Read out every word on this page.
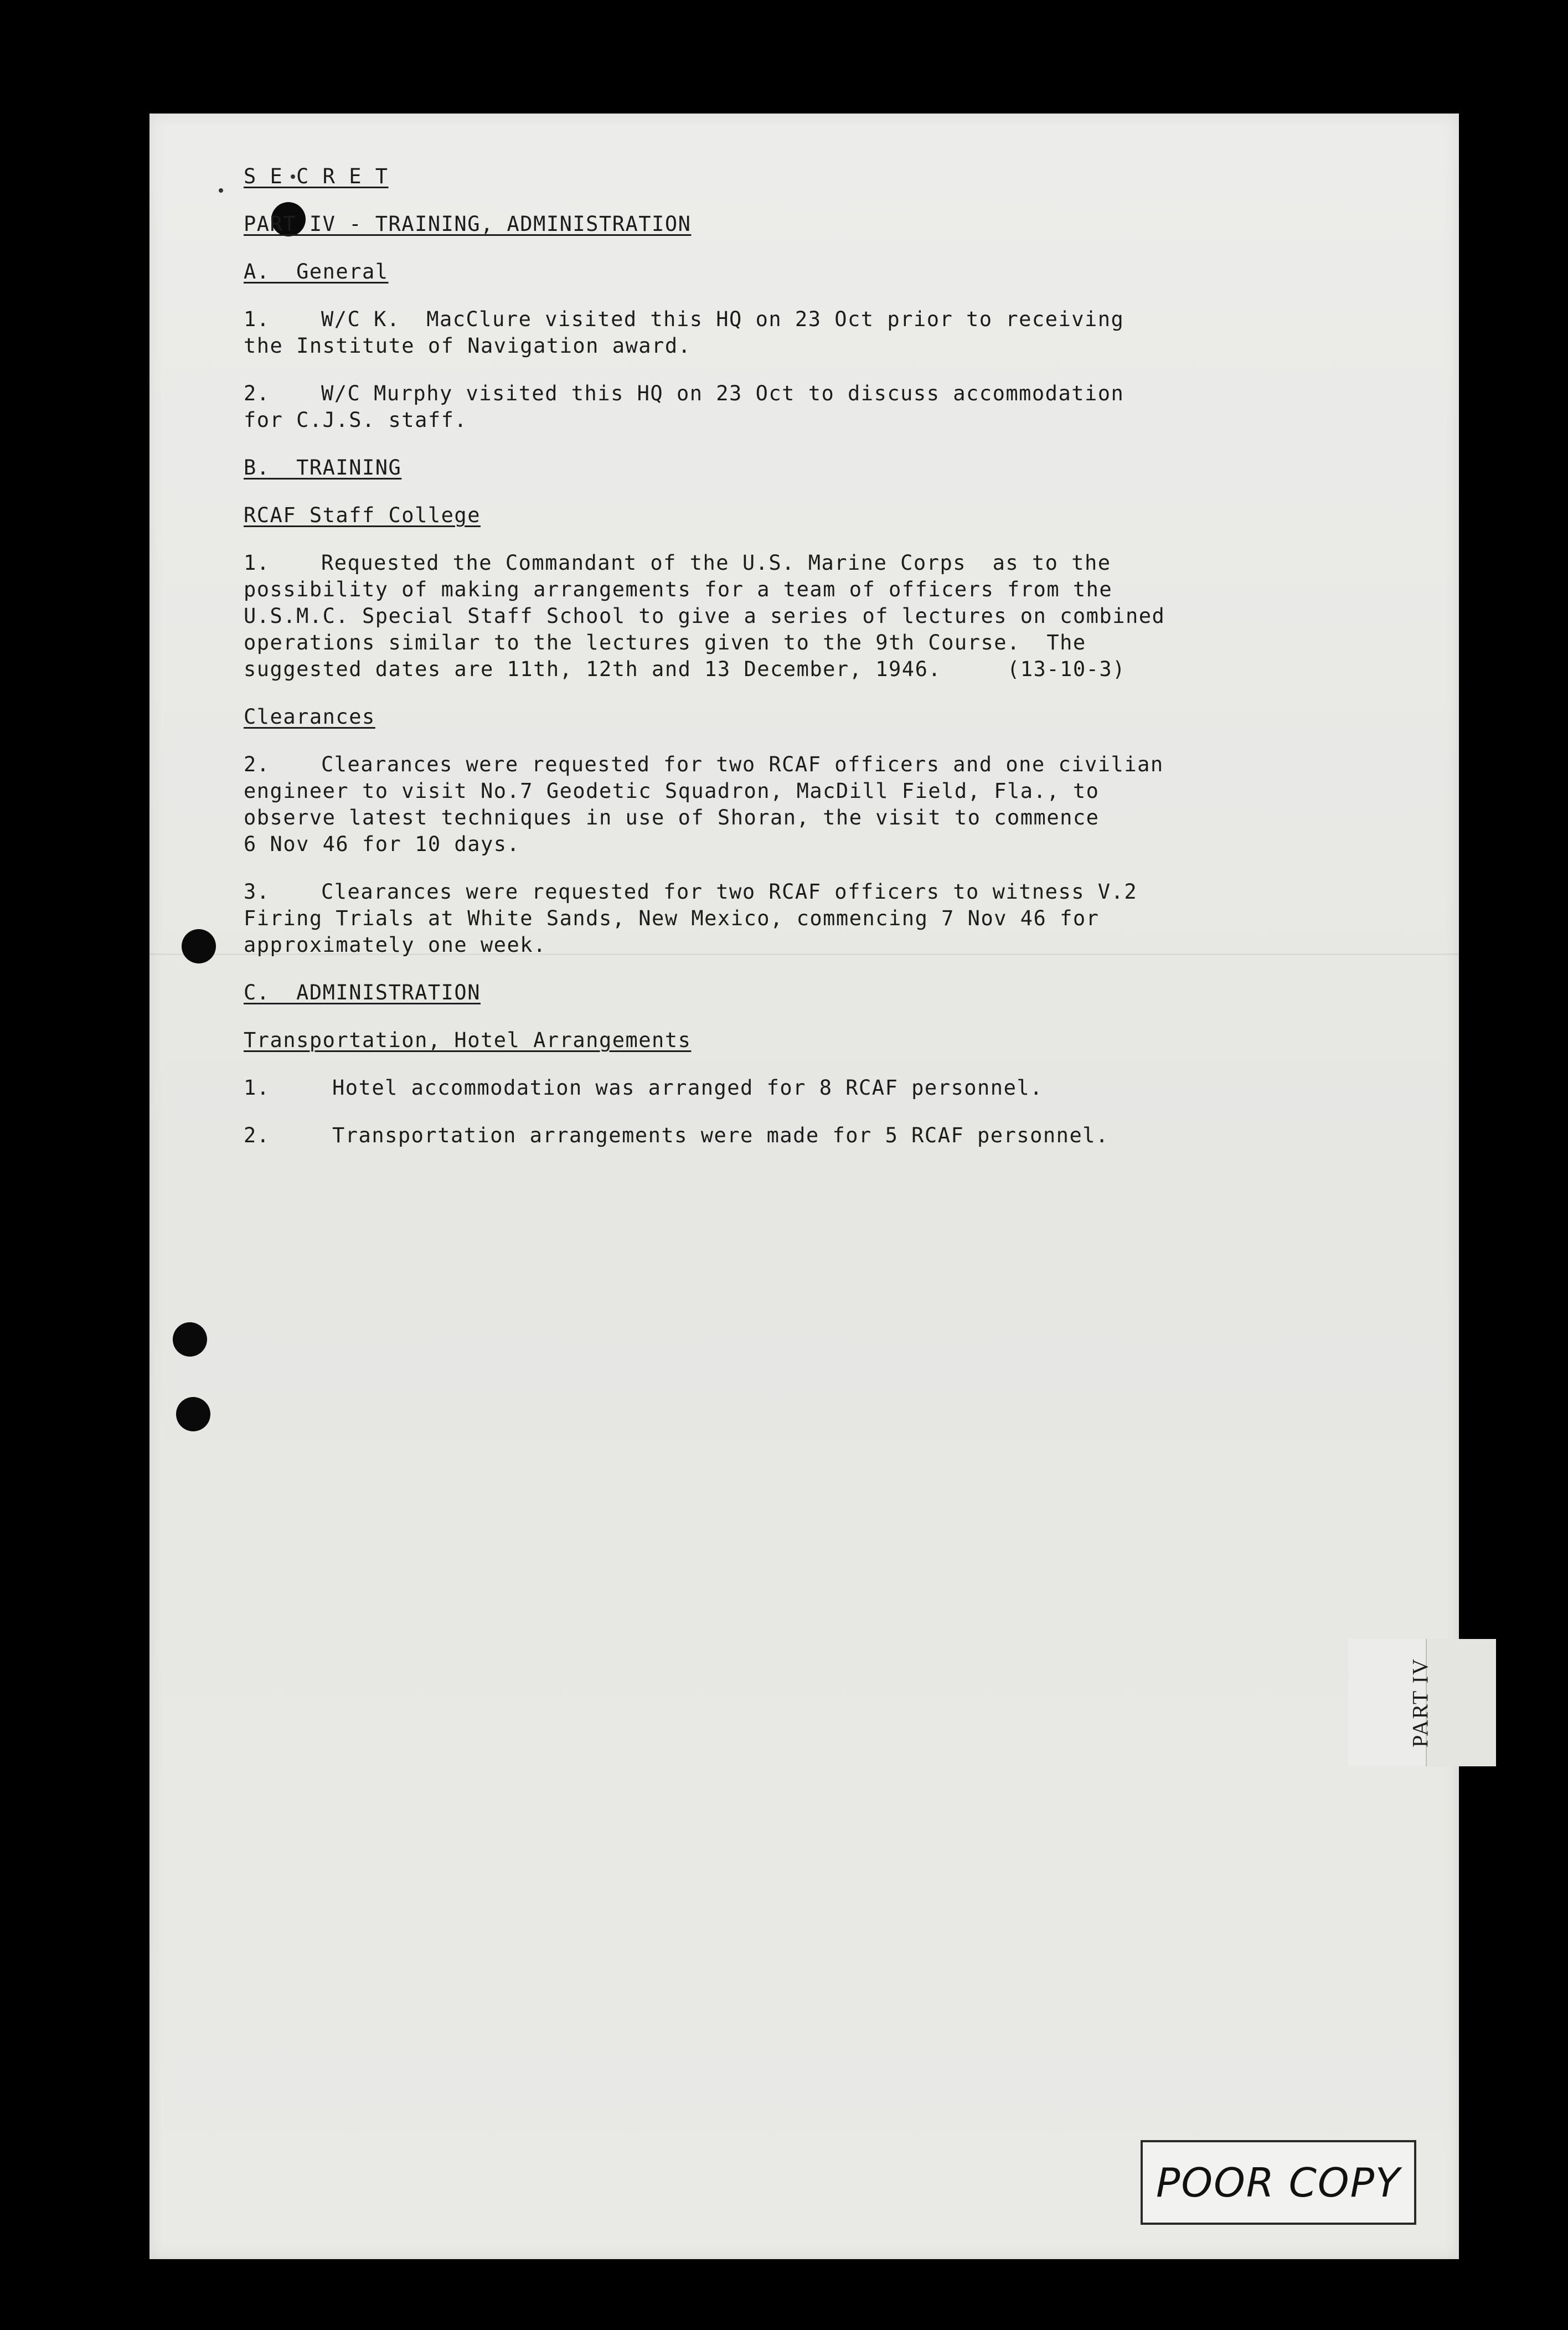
S E C R E T
PART IV - TRAINING, ADMINISTRATION
A.  General
1. W/C K.  MacClure visited this HQ on 23 Oct prior to receiving
the Institute of Navigation award.
2. W/C Murphy visited this HQ on 23 Oct to discuss accommodation
for C.J.S. staff.
B.  TRAINING
RCAF Staff College
1. Requested the Commandant of the U.S. Marine Corps  as to the
possibility of making arrangements for a team of officers from the
U.S.M.C. Special Staff School to give a series of lectures on combined
operations similar to the lectures given to the 9th Course.  The
suggested dates are 11th, 12th and 13 December, 1946.     (13-10-3)
Clearances
2. Clearances were requested for two RCAF officers and one civilian
engineer to visit No.7 Geodetic Squadron, MacDill Field, Fla., to
observe latest techniques in use of Shoran, the visit to commence
6 Nov 46 for 10 days.
3. Clearances were requested for two RCAF officers to witness V.2
Firing Trials at White Sands, New Mexico, commencing 7 Nov 46 for
approximately one week.
C.  ADMINISTRATION
Transportation, Hotel Arrangements
1.	Hotel accommodation was arranged for 8 RCAF personnel.
2.	Transportation arrangements were made for 5 RCAF personnel.
PART IV
POOR COPY
